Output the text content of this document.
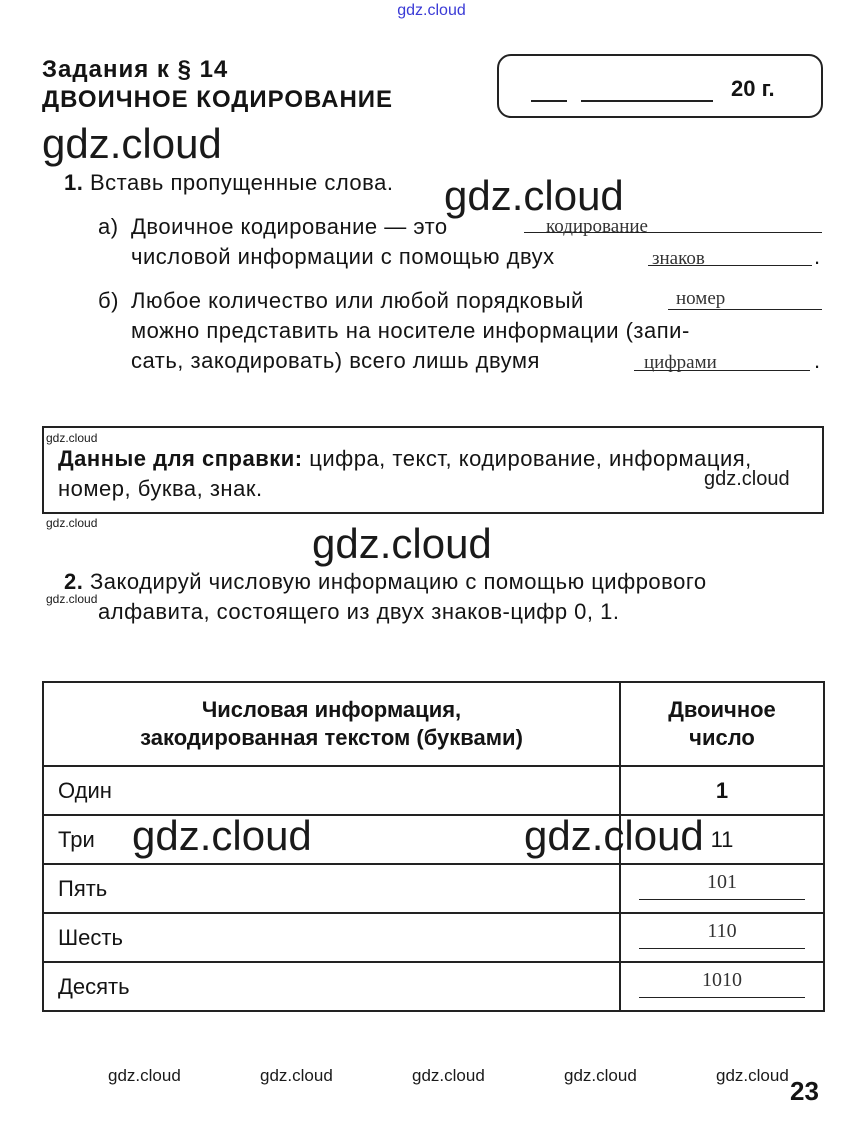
gdz.cloud
gdz.cloud
gdz.cloud
gdz.cloud
gdz.cloud
gdz.cloud	gdz.cloud
gdz.cloud
Задания к § 14
ДВОИЧНОЕ КОДИРОВАНИЕ	20 г.
1. Вставь пропущенные слова.
а) Двоичное кодирование — это	кодирование
числовой информации с помощью двух	знаков	.
б) Любое количество или любой порядковый	номер
можно представить на носителе информации (запи-
сать, закодировать) всего лишь двумя	цифрами	.
Данные для справки: цифра, текст, кодирование, информация, номер, буква, знак.
2. Закодируй числовую информацию с помощью цифрового
алфавита, состоящего из двух знаков-цифр 0, 1.
Числовая информация, закодированная текстом (буквами)	Двоичное число
Один	1
Три	11
Пять	101

Шесть	110

Десять	1010
gdz.cloud	gdz.cloud
gdz.cloud	gdz.cloud	gdz.cloud	gdz.cloud	gdz.cloud
23
